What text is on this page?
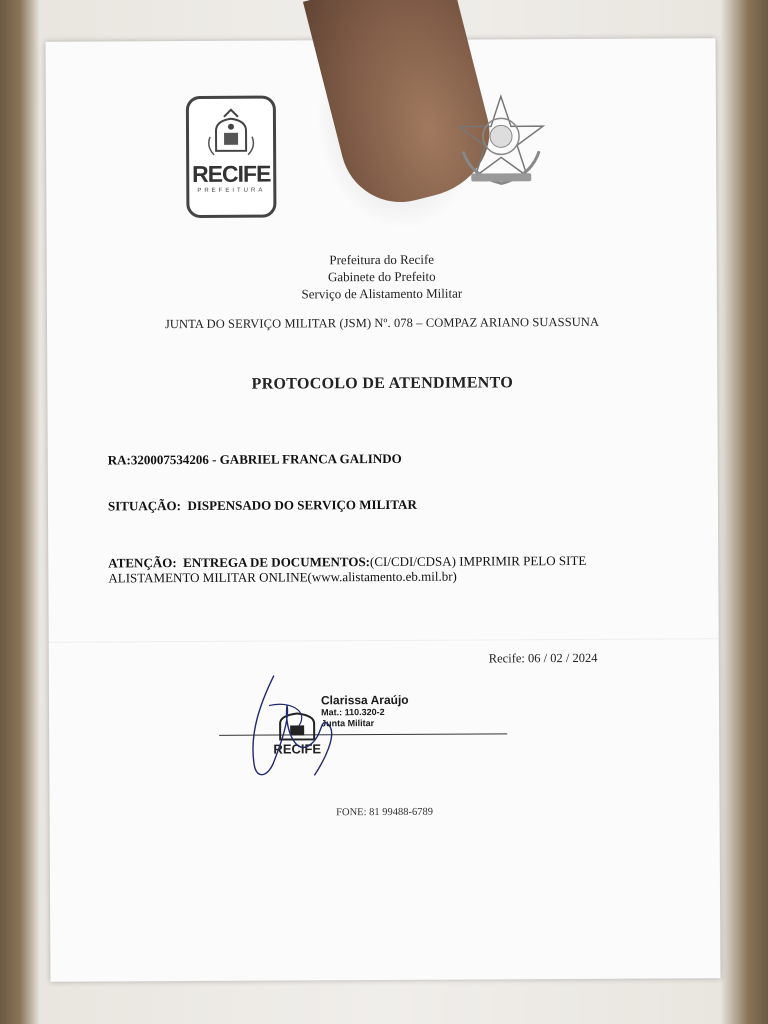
RECIFE
PREFEITURA
Prefeitura do Recife
Gabinete do Prefeito
Serviço de Alistamento Militar
JUNTA DO SERVIÇO MILITAR (JSM) Nº. 078 – COMPAZ ARIANO SUASSUNA
PROTOCOLO DE ATENDIMENTO
RA:320007534206 - GABRIEL FRANCA GALINDO
SITUAÇÃO: DISPENSADO DO SERVIÇO MILITAR
ATENÇÃO: ENTREGA DE DOCUMENTOS:(CI/CDI/CDSA) IMPRIMIR PELO SITE
ALISTAMENTO MILITAR ONLINE(www.alistamento.eb.mil.br)
Recife: 06 / 02 / 2024
RECIFE
Clarissa Araújo
Mat.: 110.320-2
Junta Militar
FONE: 81 99488-6789
